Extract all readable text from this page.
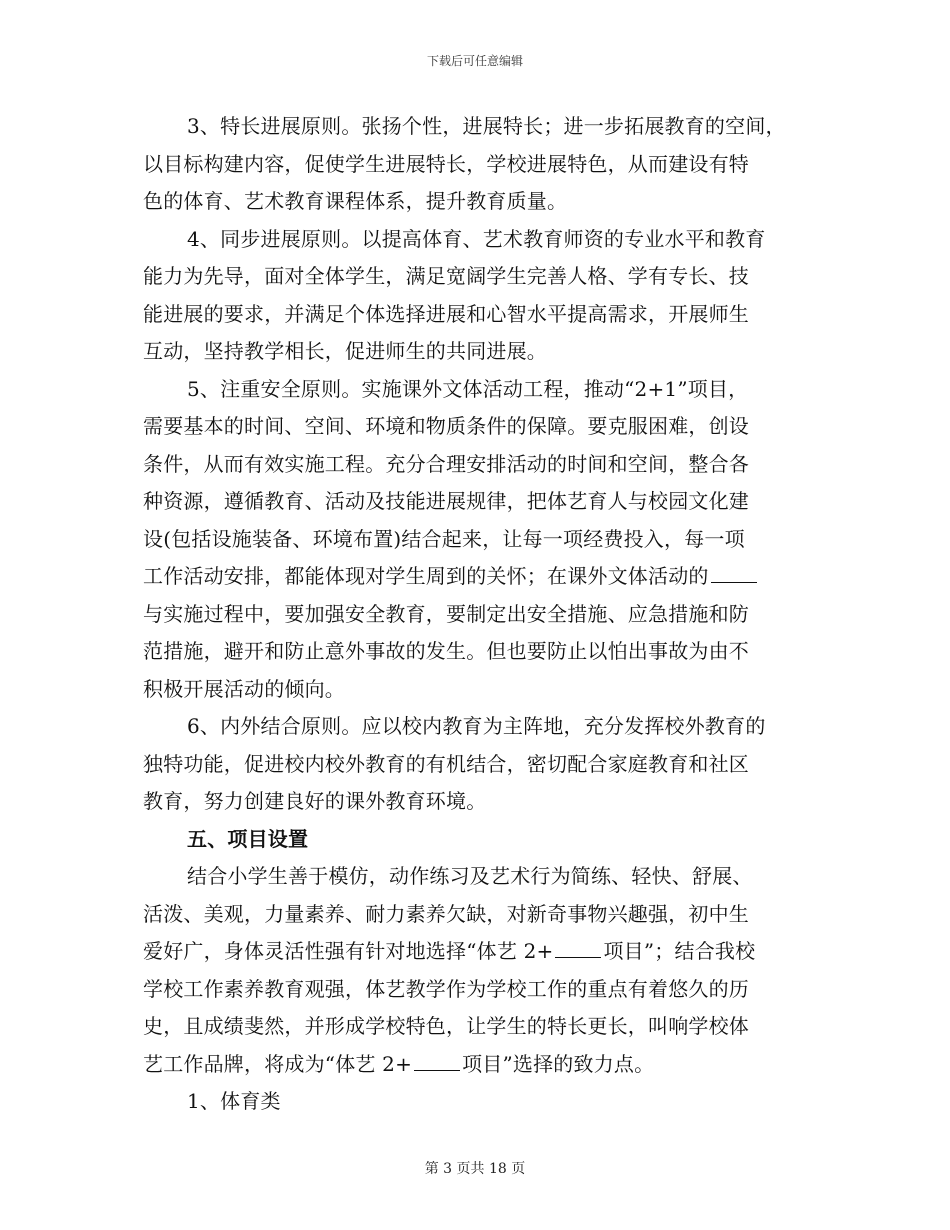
下载后可任意编辑
3、特长进展原则。张扬个性，进展特长；进一步拓展教育的空间，
以目标构建内容，促使学生进展特长，学校进展特色，从而建设有特
色的体育、艺术教育课程体系，提升教育质量。
4、同步进展原则。以提高体育、艺术教育师资的专业水平和教育
能力为先导，面对全体学生，满足宽阔学生完善人格、学有专长、技
能进展的要求，并满足个体选择进展和心智水平提高需求，开展师生
互动，坚持教学相长，促进师生的共同进展。
5、注重安全原则。实施课外文体活动工程，推动“2+1”项目，
需要基本的时间、空间、环境和物质条件的保障。要克服困难，创设
条件，从而有效实施工程。充分合理安排活动的时间和空间，整合各
种资源，遵循教育、活动及技能进展规律，把体艺育人与校园文化建
设(包括设施装备、环境布置)结合起来，让每一项经费投入，每一项
工作活动安排，都能体现对学生周到的关怀；在课外文体活动的
与实施过程中，要加强安全教育，要制定出安全措施、应急措施和防
范措施，避开和防止意外事故的发生。但也要防止以怕出事故为由不
积极开展活动的倾向。
6、内外结合原则。应以校内教育为主阵地，充分发挥校外教育的
独特功能，促进校内校外教育的有机结合，密切配合家庭教育和社区
教育，努力创建良好的课外教育环境。
五、项目设置
结合小学生善于模仿，动作练习及艺术行为简练、轻快、舒展、
活泼、美观，力量素养、耐力素养欠缺，对新奇事物兴趣强，初中生
爱好广，身体灵活性强有针对地选择“体艺 2+	项目”；结合我校
学校工作素养教育观强，体艺教学作为学校工作的重点有着悠久的历
史，且成绩斐然，并形成学校特色，让学生的特长更长，叫响学校体
艺工作品牌，将成为“体艺 2+	项目”选择的致力点。
1、体育类
第 3 页共 18 页
